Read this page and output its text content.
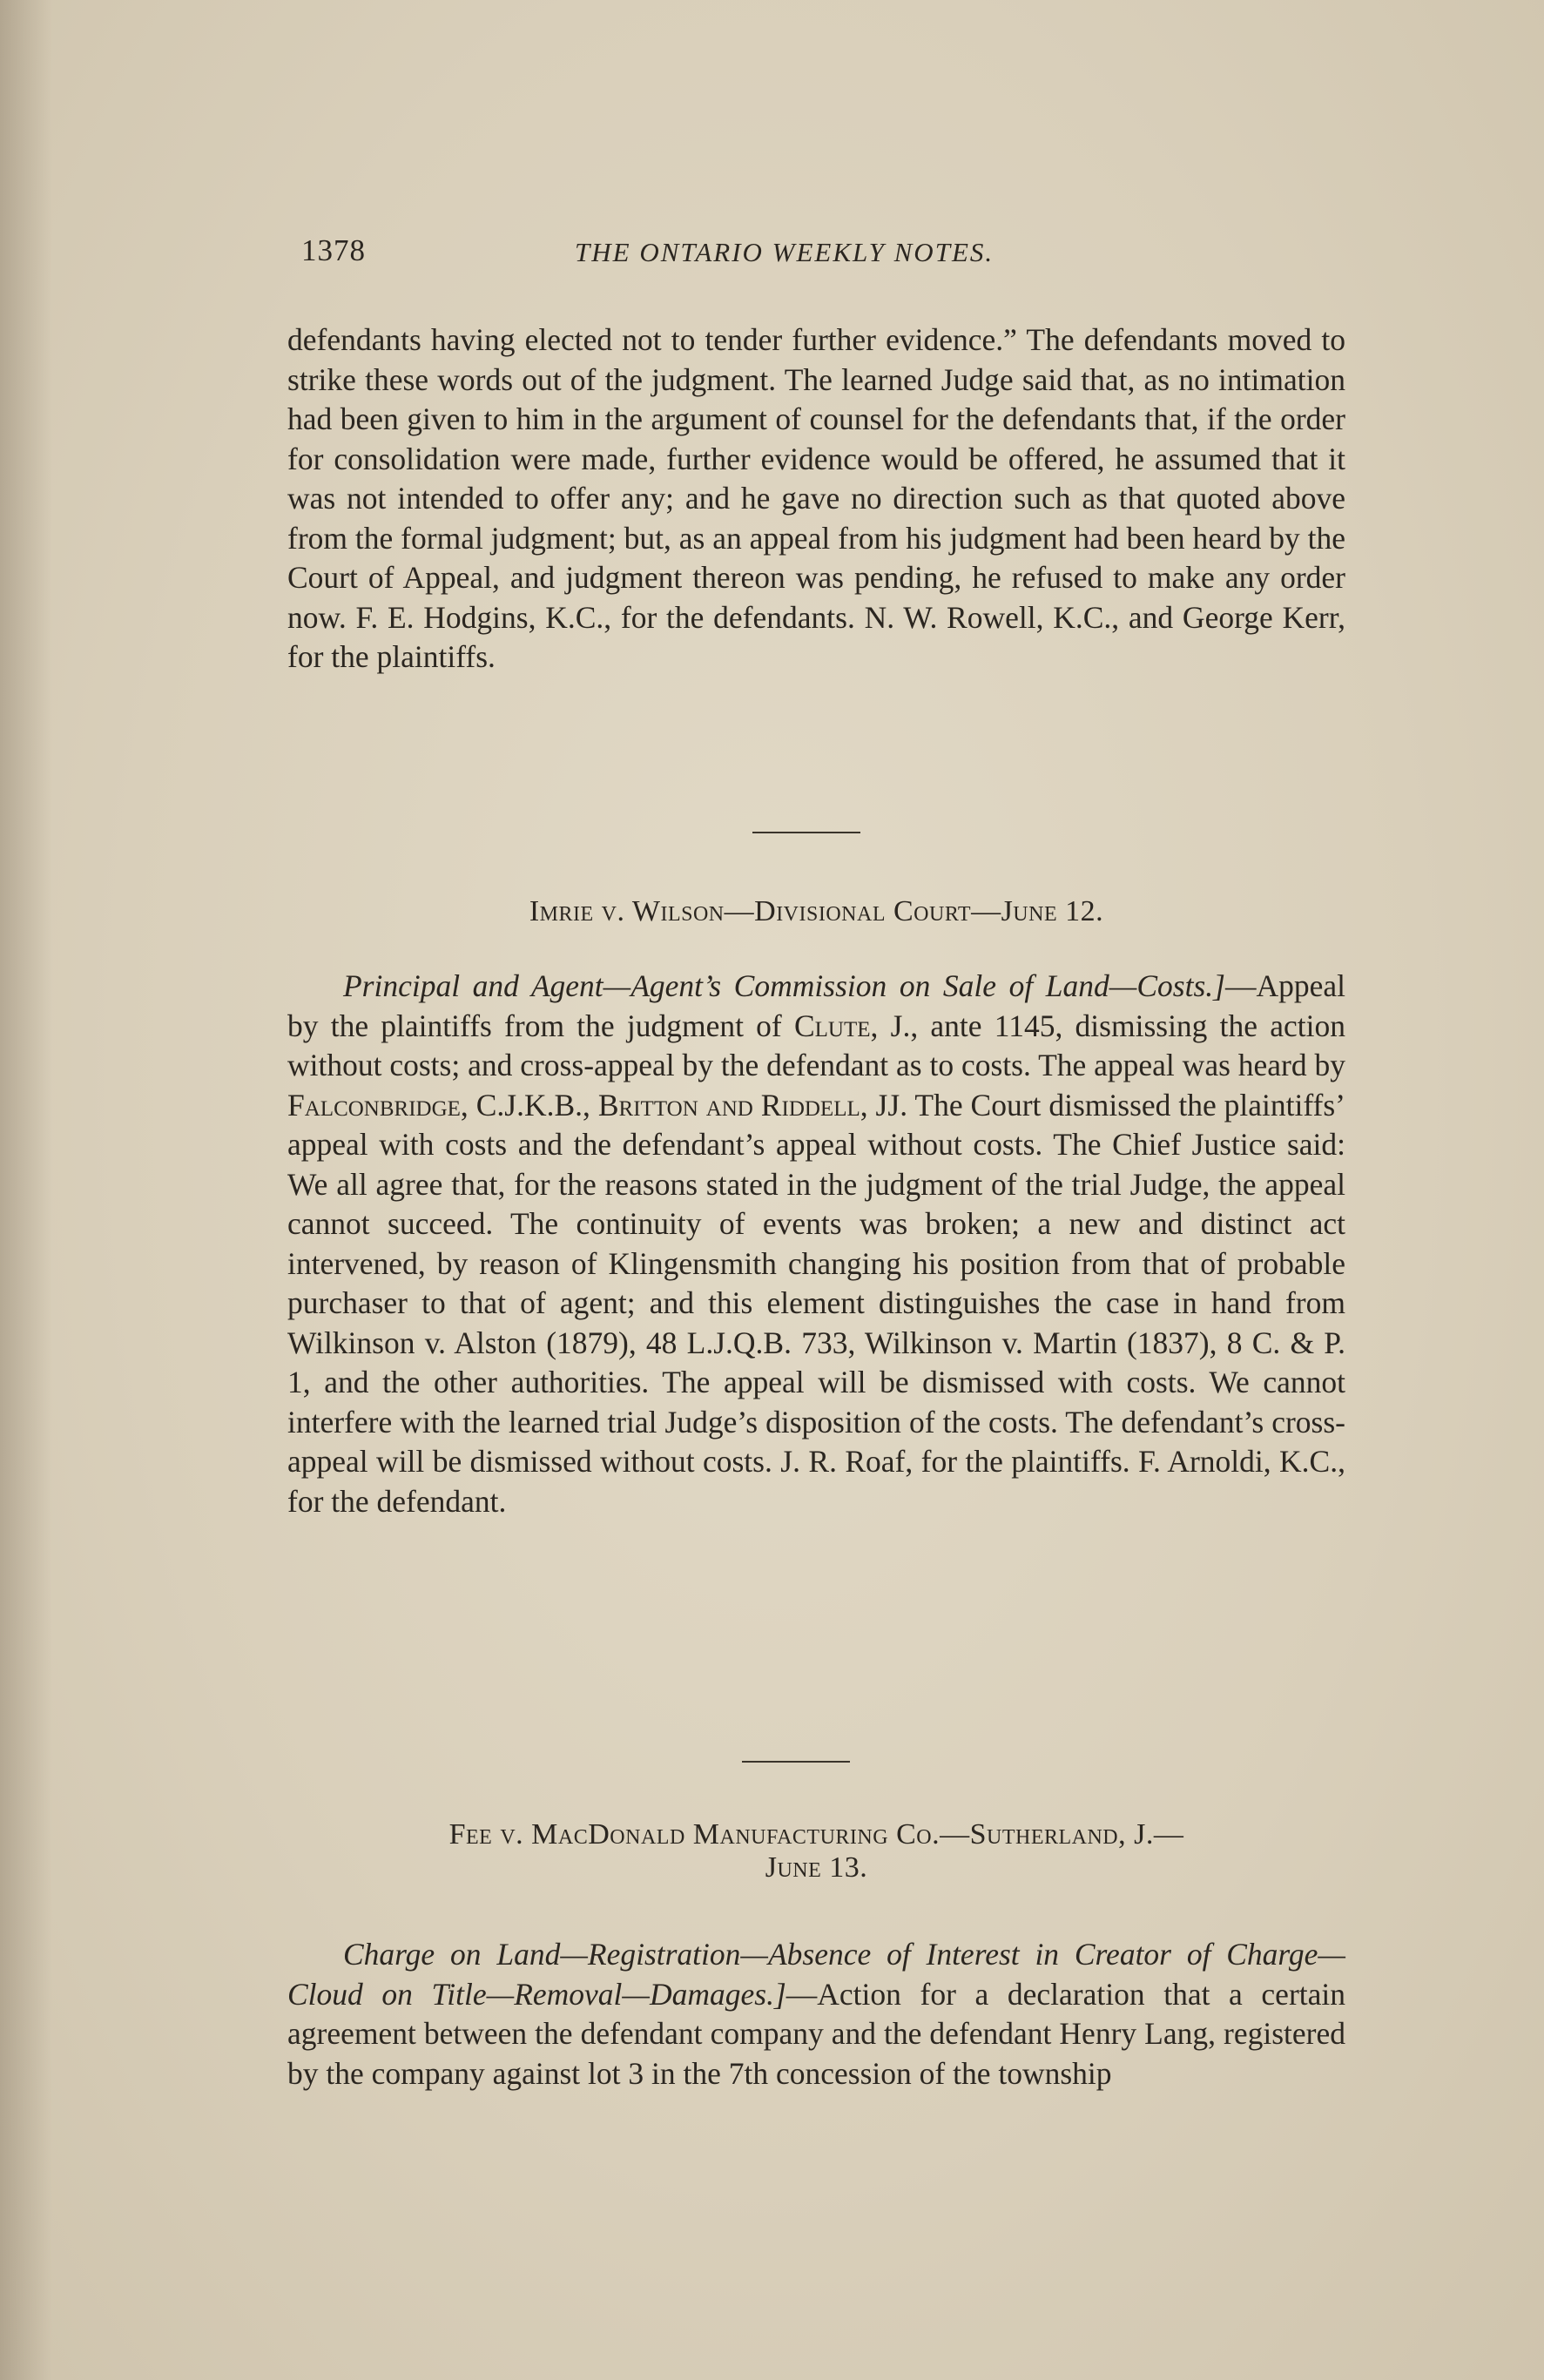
1378	THE ONTARIO WEEKLY NOTES.

defendants having elected not to tender further evidence.” The defendants moved to strike these words out of the judgment. The learned Judge said that, as no intimation had been given to him in the argument of counsel for the defendants that, if the order for consolidation were made, further evidence would be offered, he assumed that it was not intended to offer any; and he gave no direction such as that quoted above from the formal judgment; but, as an appeal from his judgment had been heard by the Court of Appeal, and judgment thereon was pending, he refused to make any order now. F. E. Hodgins, K.C., for the defendants. N. W. Rowell, K.C., and George Kerr, for the plaintiffs.

Imrie v. Wilson—Divisional Court—June 12.

Principal and Agent—Agent’s Commission on Sale of Land—Costs.]—Appeal by the plaintiffs from the judgment of Clute, J., ante 1145, dismissing the action without costs; and cross-appeal by the defendant as to costs. The appeal was heard by Falconbridge, C.J.K.B., Britton and Riddell, JJ. The Court dismissed the plaintiffs’ appeal with costs and the defendant’s appeal without costs. The Chief Justice said: We all agree that, for the reasons stated in the judgment of the trial Judge, the appeal cannot succeed. The continuity of events was broken; a new and distinct act intervened, by reason of Klingensmith changing his position from that of probable purchaser to that of agent; and this element distinguishes the case in hand from Wilkinson v. Alston (1879), 48 L.J.Q.B. 733, Wilkinson v. Martin (1837), 8 C. & P. 1, and the other authorities. The appeal will be dismissed with costs. We cannot interfere with the learned trial Judge’s disposition of the costs. The defendant’s cross-appeal will be dismissed without costs. J. R. Roaf, for the plaintiffs. F. Arnoldi, K.C., for the defendant.

Fee v. MacDonald Manufacturing Co.—Sutherland, J.—
June 13.

Charge on Land—Registration—Absence of Interest in Creator of Charge—Cloud on Title—Removal—Damages.]—Action for a declaration that a certain agreement between the defendant company and the defendant Henry Lang, registered by the company against lot 3 in the 7th concession of the township
